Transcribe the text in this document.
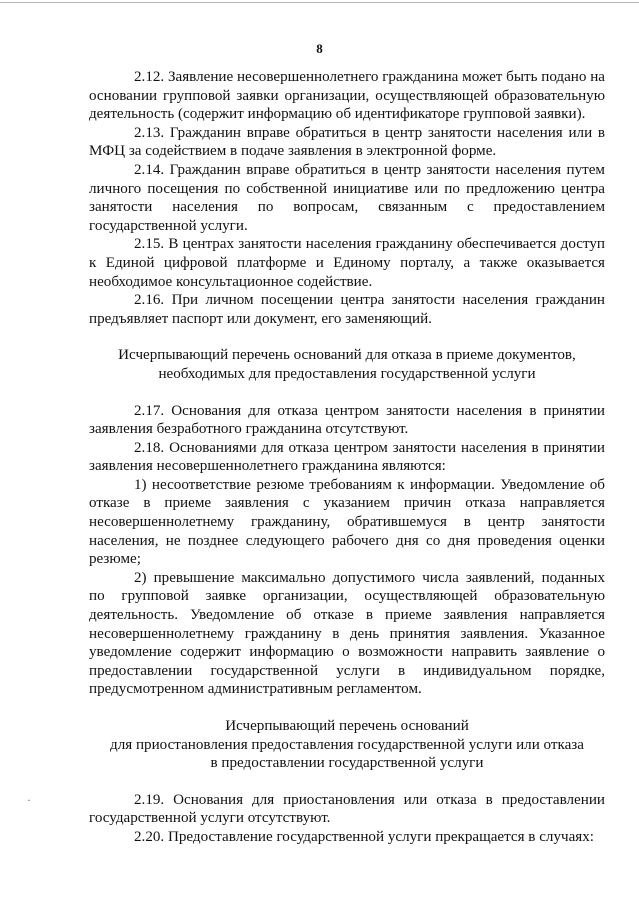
8

2.12. Заявление несовершеннолетнего гражданина может быть подано на основании групповой заявки организации, осуществляющей образовательную деятельность (содержит информацию об идентификаторе групповой заявки).

2.13. Гражданин вправе обратиться в центр занятости населения или в МФЦ за содействием в подаче заявления в электронной форме.

2.14. Гражданин вправе обратиться в центр занятости населения путем личного посещения по собственной инициативе или по предложению центра занятости населения по вопросам, связанным с предоставлением государственной услуги.

2.15. В центрах занятости населения гражданину обеспечивается доступ к Единой цифровой платформе и Единому порталу, а также оказывается необходимое консультационное содействие.

2.16. При личном посещении центра занятости населения гражданин предъявляет паспорт или документ, его заменяющий.

Исчерпывающий перечень оснований для отказа в приеме документов,

необходимых для предоставления государственной услуги

2.17. Основания для отказа центром занятости населения в принятии заявления безработного гражданина отсутствуют.

2.18. Основаниями для отказа центром занятости населения в принятии заявления несовершеннолетнего гражданина являются:

1) несоответствие резюме требованиям к информации. Уведомление об отказе в приеме заявления с указанием причин отказа направляется несовершеннолетнему гражданину, обратившемуся в центр занятости населения, не позднее следующего рабочего дня со дня проведения оценки резюме;

2) превышение максимально допустимого числа заявлений, поданных по групповой заявке организации, осуществляющей образовательную деятельность. Уведомление об отказе в приеме заявления направляется несовершеннолетнему гражданину в день принятия заявления. Указанное уведомление содержит информацию о возможности направить заявление о предоставлении государственной услуги в индивидуальном порядке, предусмотренном административным регламентом.

Исчерпывающий перечень оснований

для приостановления предоставления государственной услуги или отказа

в предоставлении государственной услуги

2.19. Основания для приостановления или отказа в предоставлении государственной услуги отсутствуют.

2.20. Предоставление государственной услуги прекращается в случаях:

·
